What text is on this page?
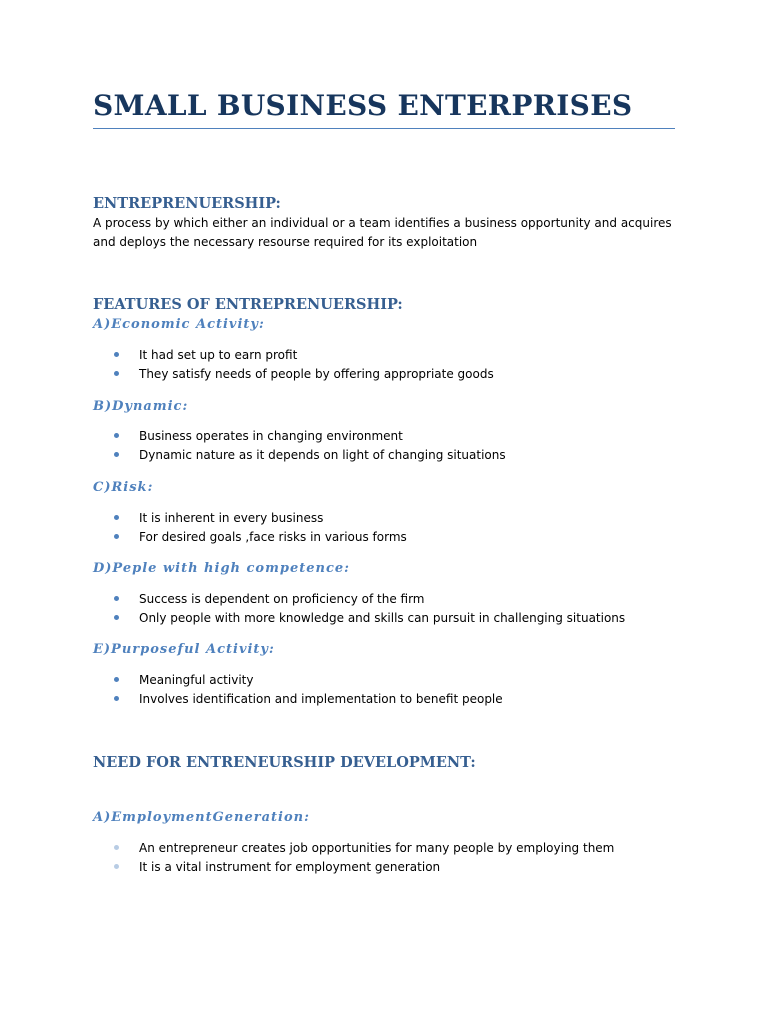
SMALL BUSINESS ENTERPRISES
ENTREPRENUERSHIP:

A process by which either an individual or a team identifies a business opportunity and acquires and deploys the necessary resourse required for its exploitation

FEATURES OF ENTREPRENUERSHIP:
A)Economic Activity:
It had set up to earn profit
They satisfy needs of people by offering appropriate goods
B)Dynamic:
Business operates in changing environment
Dynamic nature as it depends on light of changing situations
C)Risk:
It is inherent in every business
For desired goals ,face risks in various forms
D)Peple with high competence:
Success is dependent on proficiency of the firm
Only people with more knowledge and skills can pursuit in challenging situations
E)Purposeful Activity:
Meaningful activity
Involves identification and implementation to benefit people
NEED FOR ENTRENEURSHIP DEVELOPMENT:
A)EmploymentGeneration:
An entrepreneur creates job opportunities for many people by employing them
It is a vital instrument for employment generation
